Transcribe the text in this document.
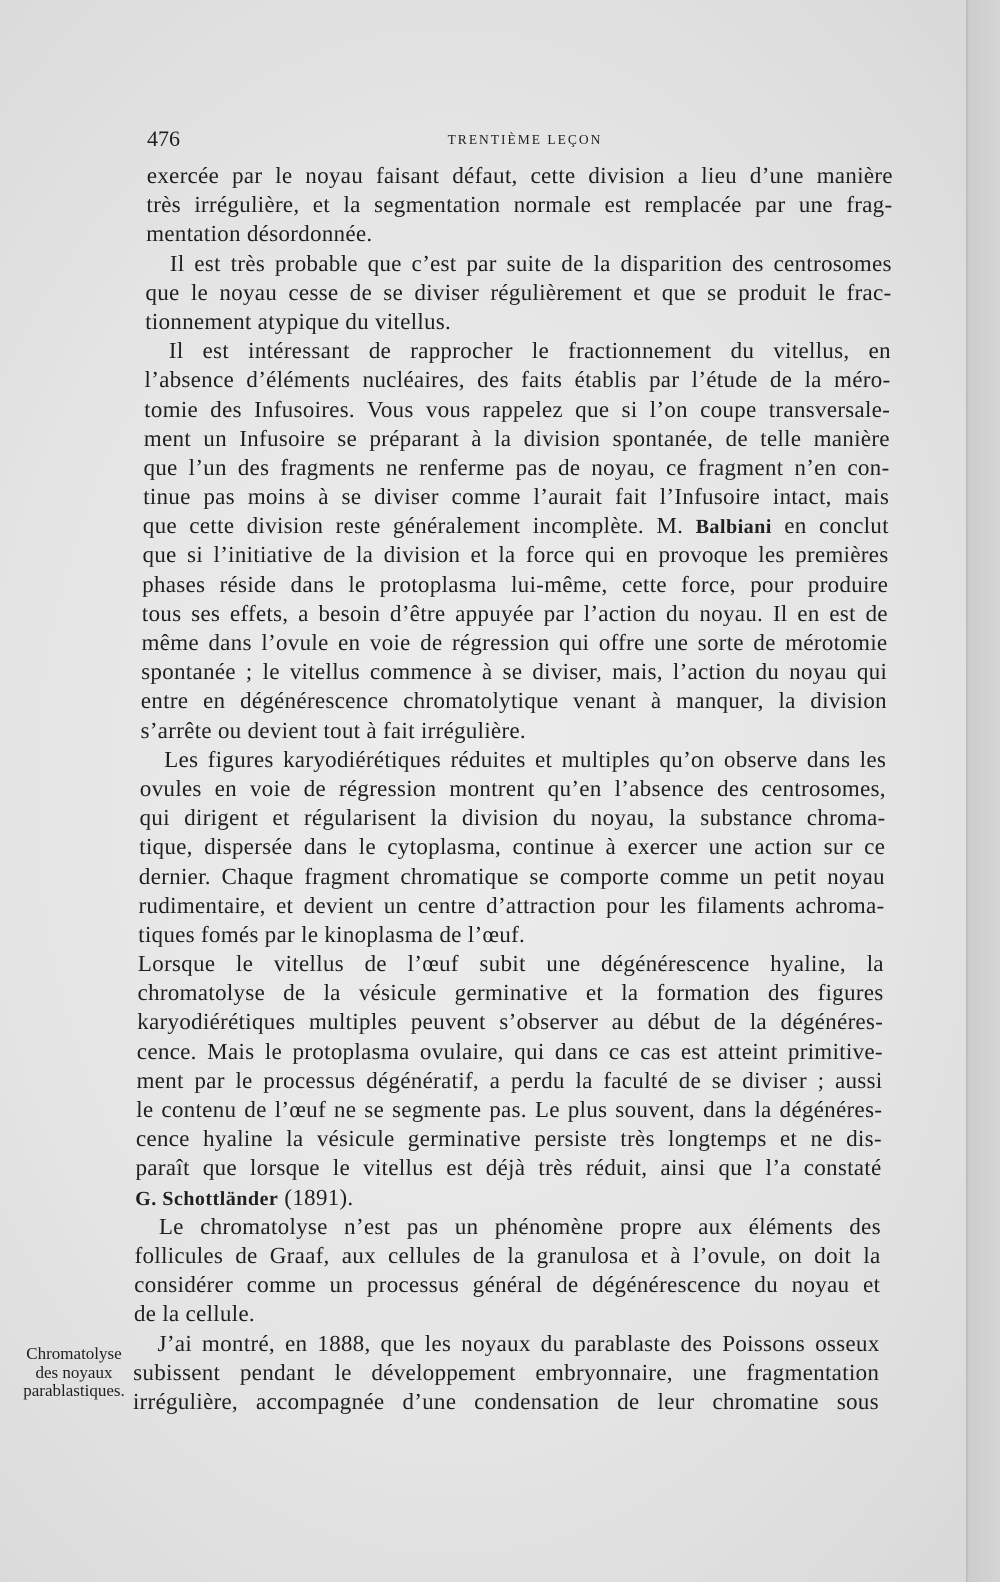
476	TRENTIÈME LEÇON
Chromatolyse
des noyaux
parablastiques.
exercée par le noyau faisant défaut, cette division a lieu d’une manière
très irrégulière, et la segmentation normale est remplacée par une frag-
mentation désordonnée.
Il est très probable que c’est par suite de la disparition des centrosomes
que le noyau cesse de se diviser régulièrement et que se produit le frac-
tionnement atypique du vitellus.
Il est intéressant de rapprocher le fractionnement du vitellus, en
l’absence d’éléments nucléaires, des faits établis par l’étude de la méro-
tomie des Infusoires. Vous vous rappelez que si l’on coupe transversale-
ment un Infusoire se préparant à la division spontanée, de telle manière
que l’un des fragments ne renferme pas de noyau, ce fragment n’en con-
tinue pas moins à se diviser comme l’aurait fait l’Infusoire intact, mais
que cette division reste généralement incomplète. M. Balbiani en conclut
que si l’initiative de la division et la force qui en provoque les premières
phases réside dans le protoplasma lui-même, cette force, pour produire
tous ses effets, a besoin d’être appuyée par l’action du noyau. Il en est de
même dans l’ovule en voie de régression qui offre une sorte de mérotomie
spontanée ; le vitellus commence à se diviser, mais, l’action du noyau qui
entre en dégénérescence chromatolytique venant à manquer, la division
s’arrête ou devient tout à fait irrégulière.
Les figures karyodiérétiques réduites et multiples qu’on observe dans les
ovules en voie de régression montrent qu’en l’absence des centrosomes,
qui dirigent et régularisent la division du noyau, la substance chroma-
tique, dispersée dans le cytoplasma, continue à exercer une action sur ce
dernier. Chaque fragment chromatique se comporte comme un petit noyau
rudimentaire, et devient un centre d’attraction pour les filaments achroma-
tiques fomés par le kinoplasma de l’œuf.
Lorsque le vitellus de l’œuf subit une dégénérescence hyaline, la
chromatolyse de la vésicule germinative et la formation des figures
karyodiérétiques multiples peuvent s’observer au début de la dégénéres-
cence. Mais le protoplasma ovulaire, qui dans ce cas est atteint primitive-
ment par le processus dégénératif, a perdu la faculté de se diviser ; aussi
le contenu de l’œuf ne se segmente pas. Le plus souvent, dans la dégénéres-
cence hyaline la vésicule germinative persiste très longtemps et ne dis-
paraît que lorsque le vitellus est déjà très réduit, ainsi que l’a constaté
G. Schottländer (1891).
Le chromatolyse n’est pas un phénomène propre aux éléments des
follicules de Graaf, aux cellules de la granulosa et à l’ovule, on doit la
considérer comme un processus général de dégénérescence du noyau et
de la cellule.
J’ai montré, en 1888, que les noyaux du parablaste des Poissons osseux
subissent pendant le développement embryonnaire, une fragmentation
irrégulière, accompagnée d’une condensation de leur chromatine sous
